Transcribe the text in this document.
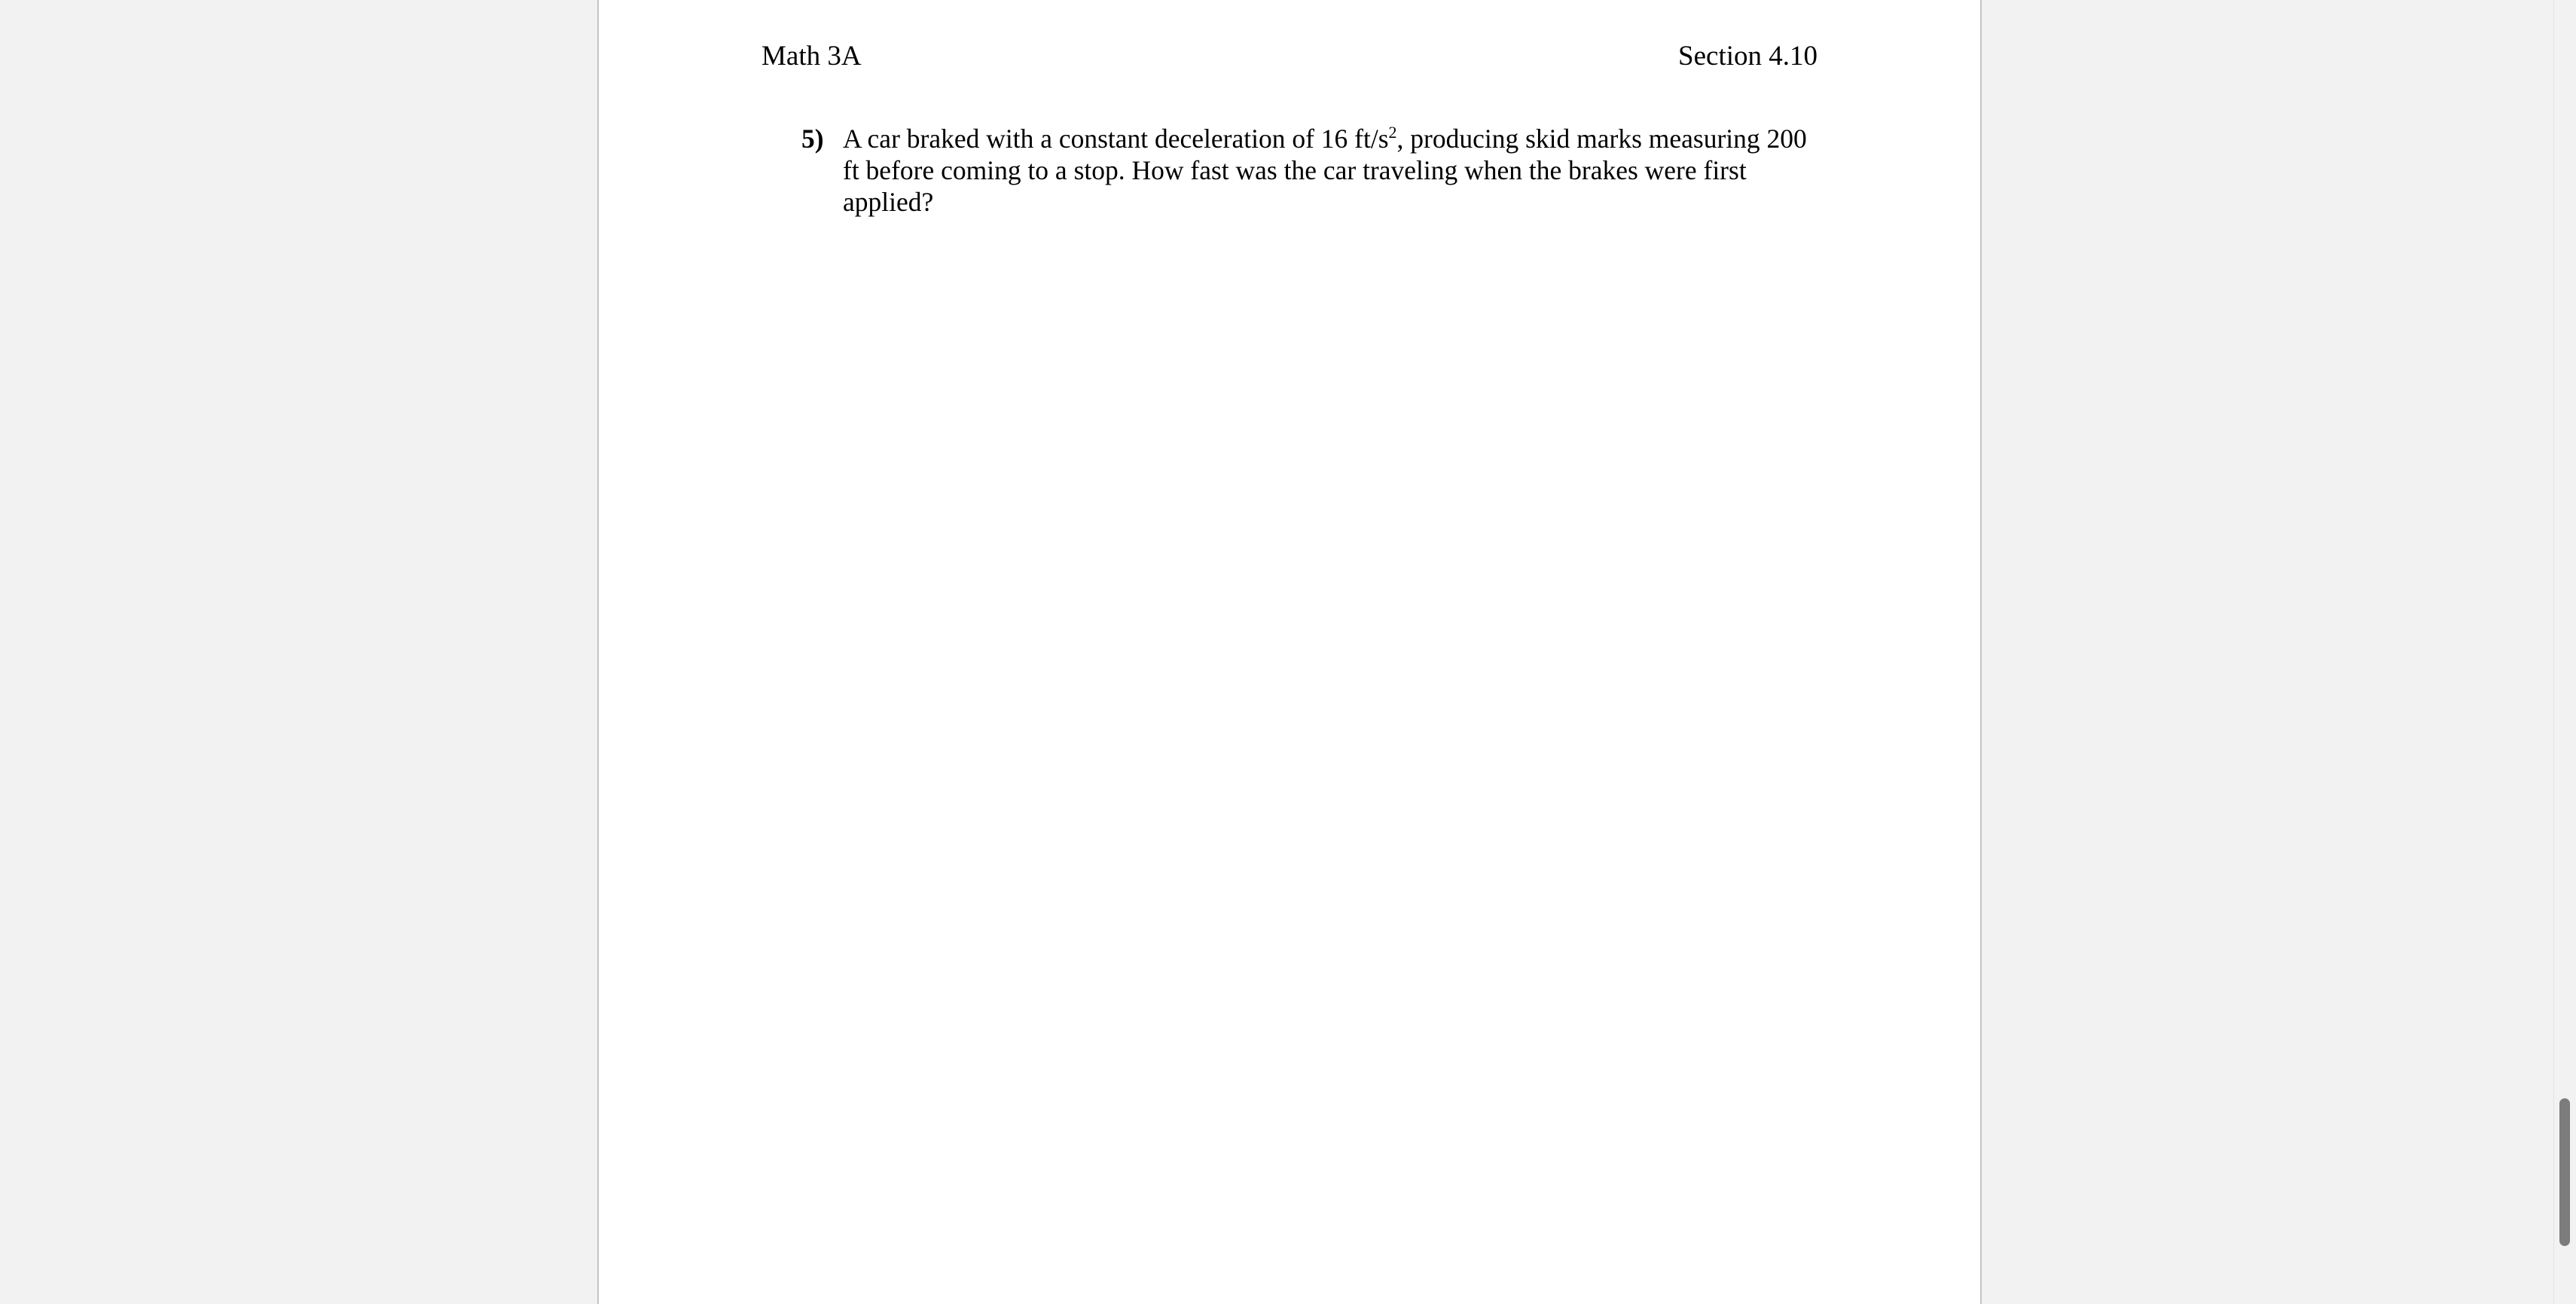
Math 3A	Section 4.10
5) A car braked with a constant deceleration of 16 $ft/s^2$, producing skid marks measuring 200 ft before coming to a stop. How fast was the car traveling when the brakes were first applied?
